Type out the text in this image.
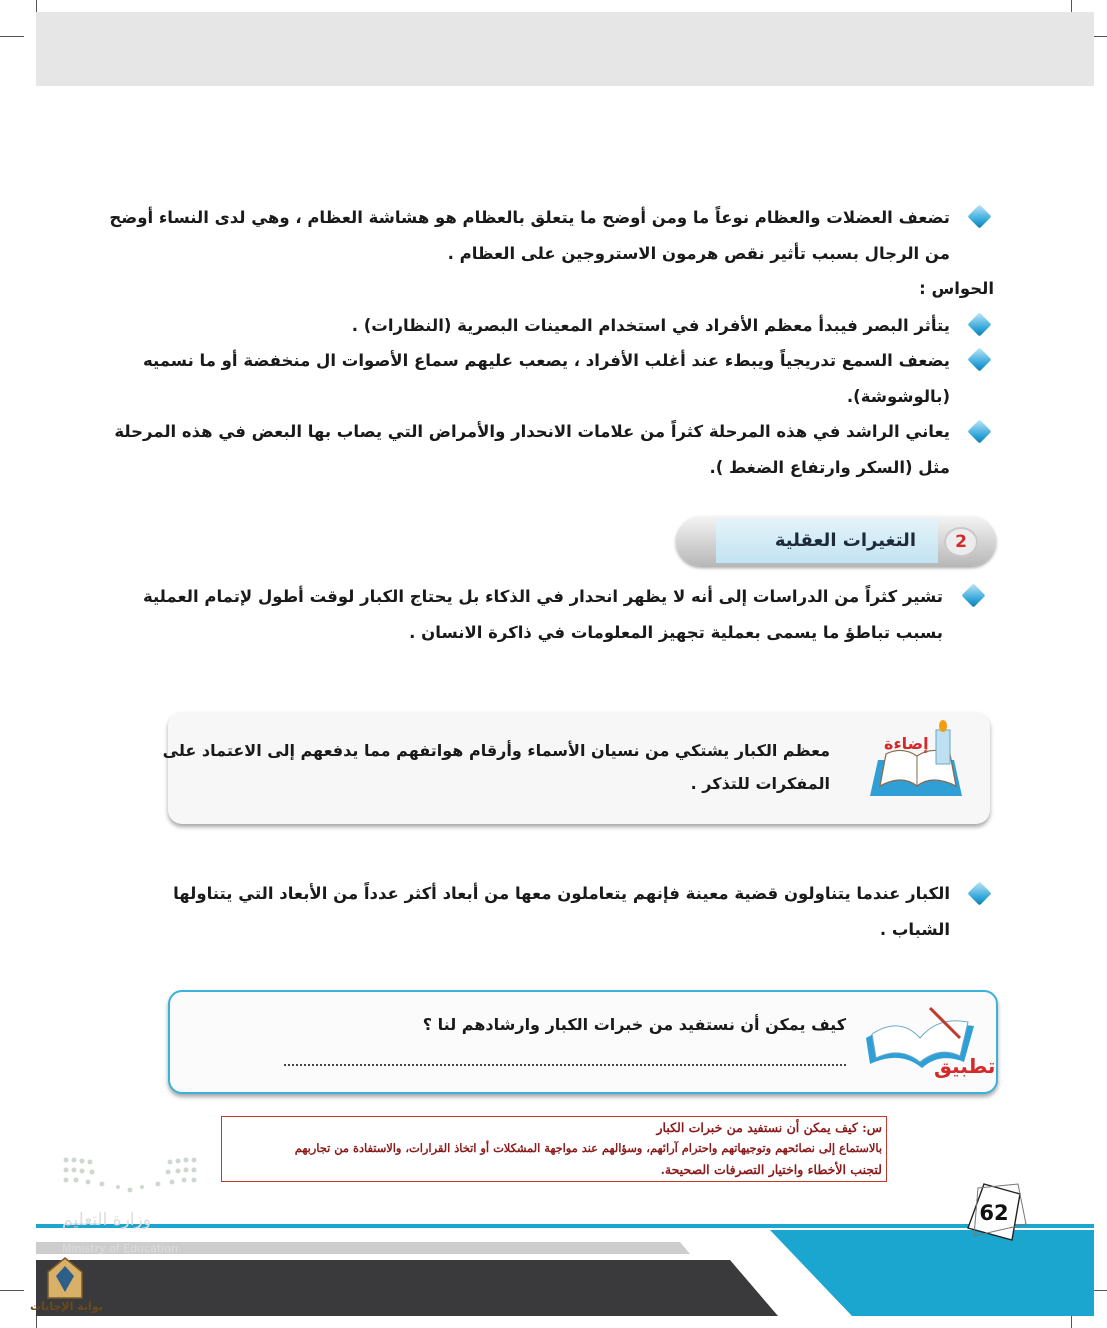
تضعف العضلات والعظام نوعاً ما ومن أوضح ما يتعلق بالعظام هو هشاشة العظام ، وهي لدى النساء أوضح
من الرجال بسبب تأثير نقص هرمون الاستروجين على العظام .
الحواس :
يتأثر البصر فيبدأ معظم الأفراد في استخدام المعينات البصرية (النظارات) .
يضعف السمع تدريجياً ويبطء عند أغلب الأفراد ، يصعب عليهم سماع الأصوات ال منخفضة أو ما نسميه
(بالوشوشة).
يعاني الراشد في هذه المرحلة كثراً من علامات الانحدار والأمراض التي يصاب بها البعض في هذه المرحلة
مثل (السكر وارتفاع الضغط ).
التغيرات العقلية	2
تشير كثراً من الدراسات إلى أنه لا يظهر انحدار في الذكاء بل يحتاج الكبار لوقت أطول لإتمام العملية
بسبب تباطؤ ما يسمى بعملية تجهيز المعلومات في ذاكرة الانسان .
إضاءة
معظم الكبار يشتكي من نسيان الأسماء وأرقام هواتفهم مما يدفعهم إلى الاعتماد على
المفكرات للتذكر .
الكبار عندما يتناولون قضية معينة فإنهم يتعاملون معها من أبعاد أكثر عدداً من الأبعاد التي يتناولها
الشباب .
تطبيق
كيف يمكن أن نستفيد من خبرات الكبار وارشادهم لنا ؟
س: كيف يمكن أن نستفيد من خبرات الكبار
بالاستماع إلى نصائحهم وتوجيهاتهم واحترام آرائهم، وسؤالهم عند مواجهة المشكلات أو اتخاذ القرارات، والاستفادة من تجاربهم
لتجنب الأخطاء واختيار التصرفات الصحيحة.
62
وزارة التعليم
Ministry of Education
بوابة الإجابات
